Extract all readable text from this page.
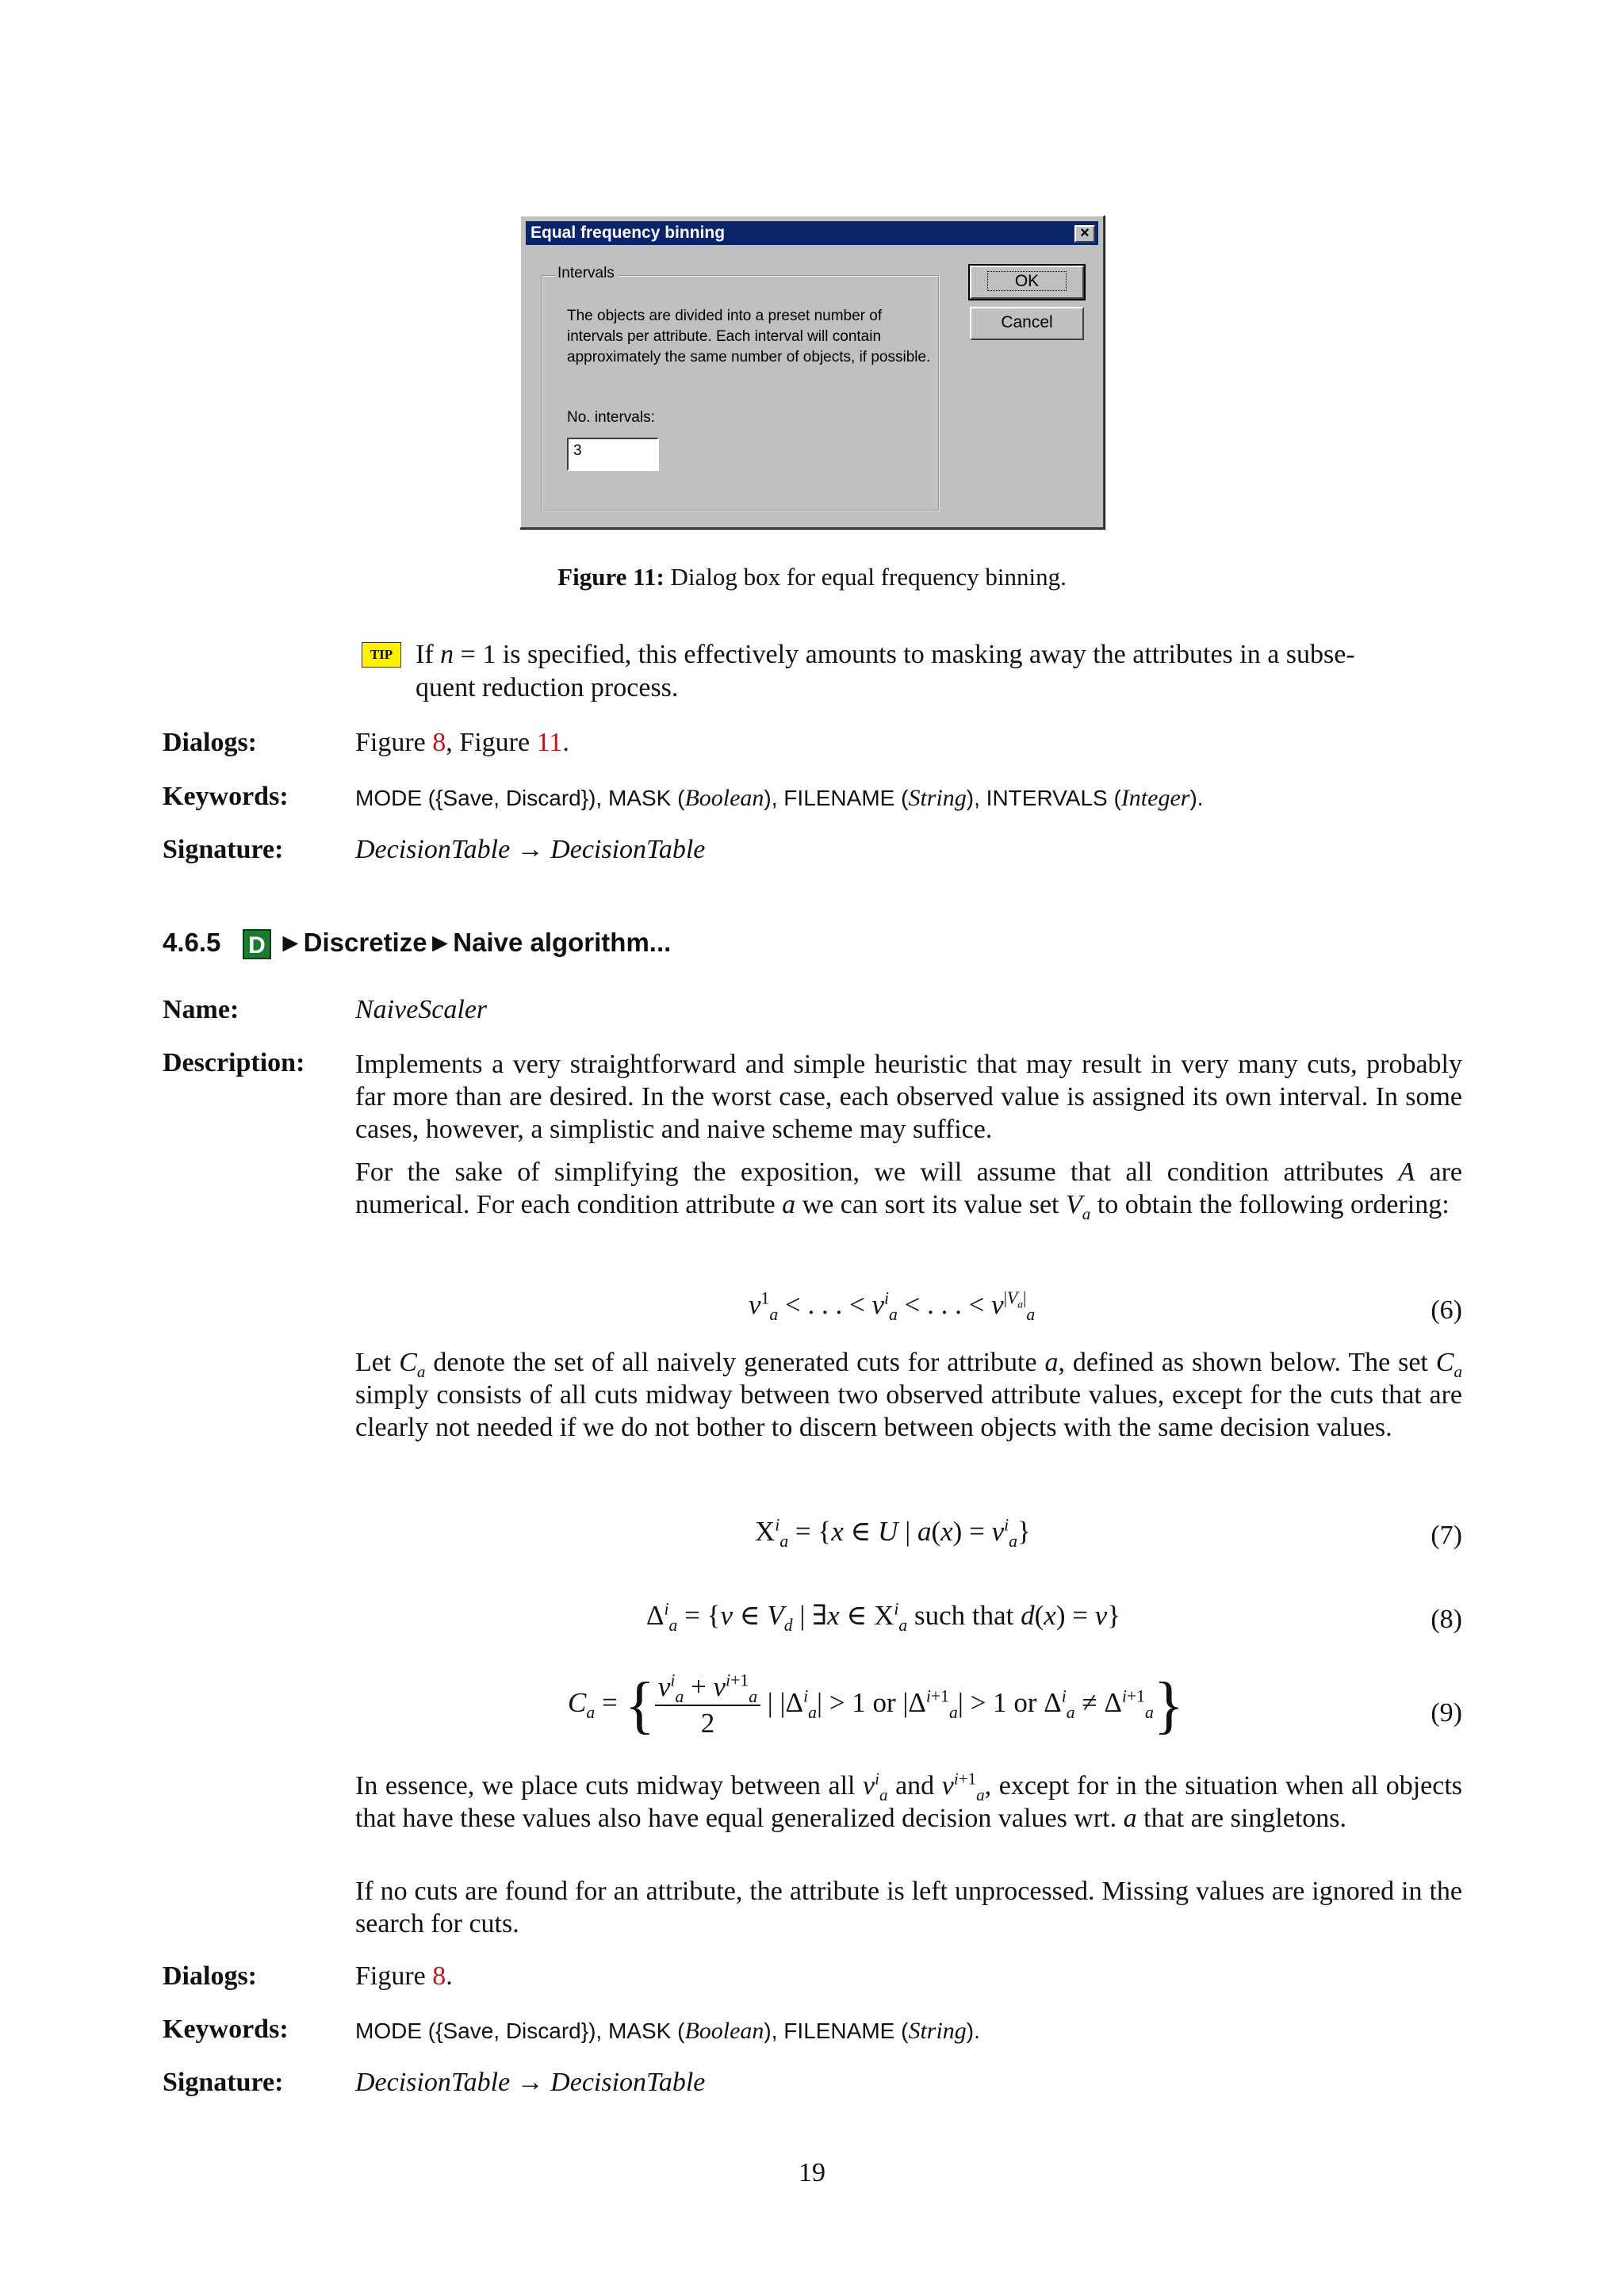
Equal frequency binning	×
Intervals
The objects are divided into a preset number of intervals per attribute. Each interval will contain approximately the same number of objects, if possible.
No. intervals:
3
OK
Cancel
Figure 11: Dialog box for equal frequency binning.
TIP If n = 1 is specified, this effectively amounts to masking away the attributes in a subse-
quent reduction process.
Dialogs:	Figure 8, Figure 11.
Keywords:	MODE ({Save, Discard}), MASK (Boolean), FILENAME (String), INTERVALS (Integer).
Signature:	DecisionTable → DecisionTable
4.6.5 D ►Discretize►Naive algorithm...
Name:	NaiveScaler
Description: Implements a very straightforward and simple heuristic that may result in very many cuts, probably far more than are desired. In the worst case, each observed value is assigned its own interval. In some cases, however, a simplistic and naive scheme may suffice.
For the sake of simplifying the exposition, we will assume that all condition attributes A are numerical. For each condition attribute a we can sort its value set $V_a$ to obtain the following ordering:
$v^1_a$ < . . . < $v^i_a$ < . . . < $v^{|V_a|}_a$	(6)
Let $C_a$ denote the set of all naively generated cuts for attribute a, defined as shown below. The set $C_a$ simply consists of all cuts midway between two observed attribute values, except for the cuts that are clearly not needed if we do not bother to discern between objects with the same decision values.
$X^i_a = \{x$ ∈ U | $a(x) = v^i_a$}	(7)
$\Delta^i_a = \{v$ ∈ $V_d$ | ∃x ∈ $X^i_a$ such that d(x) = v}	(8)
$C_a$ = { $\frac{v^i_a + v^{i+1}_a}{2}$ | $|\Delta^i_a| > 1$ or $|\Delta^{i+1}_a| > 1$ or $\Delta^i_a \ne \Delta^{i+1}_a$}	(9)
In essence, we place cuts midway between all $v^i_a$ and $v^{i+1}_a$, except for in the situation when all objects that have these values also have equal generalized decision values wrt. a that are singletons.
If no cuts are found for an attribute, the attribute is left unprocessed. Missing values are ignored in the search for cuts.
Dialogs:	Figure 8.
Keywords:	MODE ({Save, Discard}), MASK (Boolean), FILENAME (String).
Signature:	DecisionTable → DecisionTable
19
